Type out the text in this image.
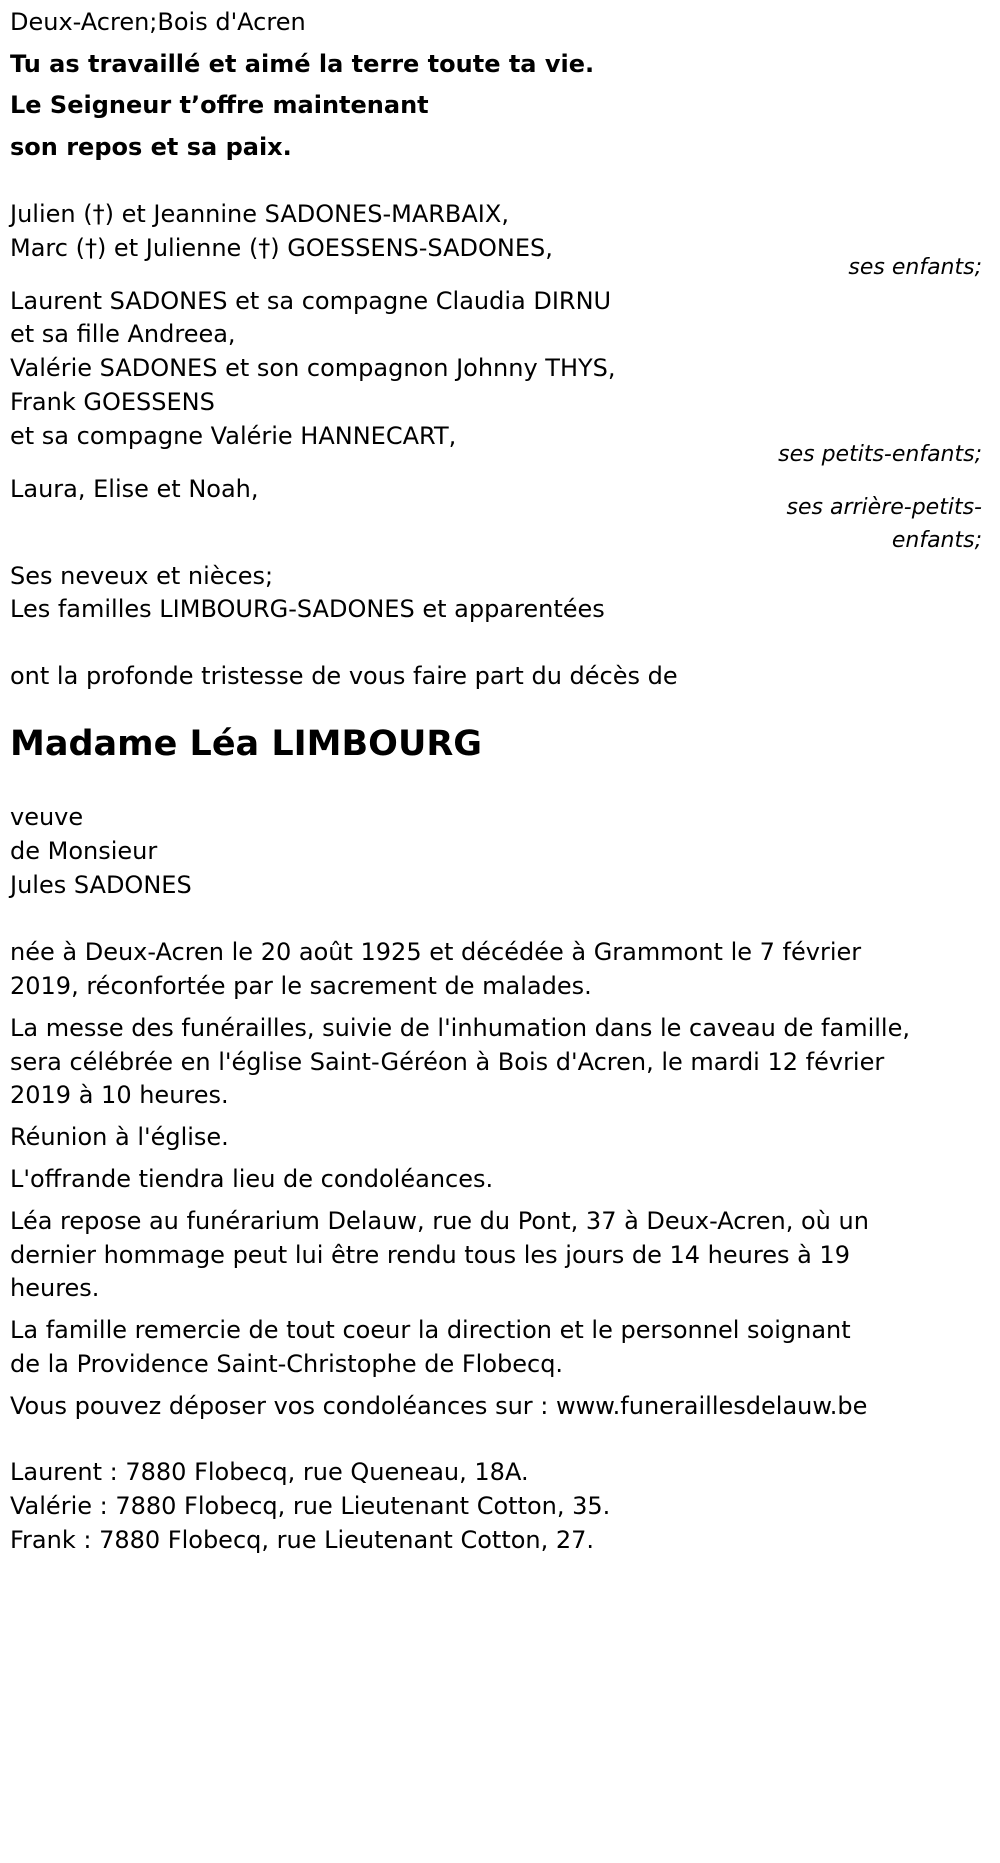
Deux-Acren;Bois d'Acren
Tu as travaillé et aimé la terre toute ta vie.
Le Seigneur t’offre maintenant
son repos et sa paix.
Julien (†) et Jeannine SADONES-MARBAIX,
Marc (†) et Julienne (†) GOESSENS-SADONES,
ses enfants;
Laurent SADONES et sa compagne Claudia DIRNU
et sa fille Andreea,
Valérie SADONES et son compagnon Johnny THYS,
Frank GOESSENS
et sa compagne Valérie HANNECART,
ses petits-enfants;
Laura, Elise et Noah,
ses arrière-petits-
enfants;
Ses neveux et nièces;
Les familles LIMBOURG-SADONES et apparentées
ont la profonde tristesse de vous faire part du décès de
Madame Léa LIMBOURG
veuve
de Monsieur
Jules SADONES
née à Deux-Acren le 20 août 1925 et décédée à Grammont le 7 février
2019, réconfortée par le sacrement de malades.
La messe des funérailles, suivie de l'inhumation dans le caveau de famille,
sera célébrée en l'église Saint-Géréon à Bois d'Acren, le mardi 12 février
2019 à 10 heures.
Réunion à l'église.
L'offrande tiendra lieu de condoléances.
Léa repose au funérarium Delauw, rue du Pont, 37 à Deux-Acren, où un
dernier hommage peut lui être rendu tous les jours de 14 heures à 19
heures.
La famille remercie de tout coeur la direction et le personnel soignant
de la Providence Saint-Christophe de Flobecq.
Vous pouvez déposer vos condoléances sur : www.funeraillesdelauw.be
Laurent : 7880 Flobecq, rue Queneau, 18A.
Valérie : 7880 Flobecq, rue Lieutenant Cotton, 35.
Frank : 7880 Flobecq, rue Lieutenant Cotton, 27.
